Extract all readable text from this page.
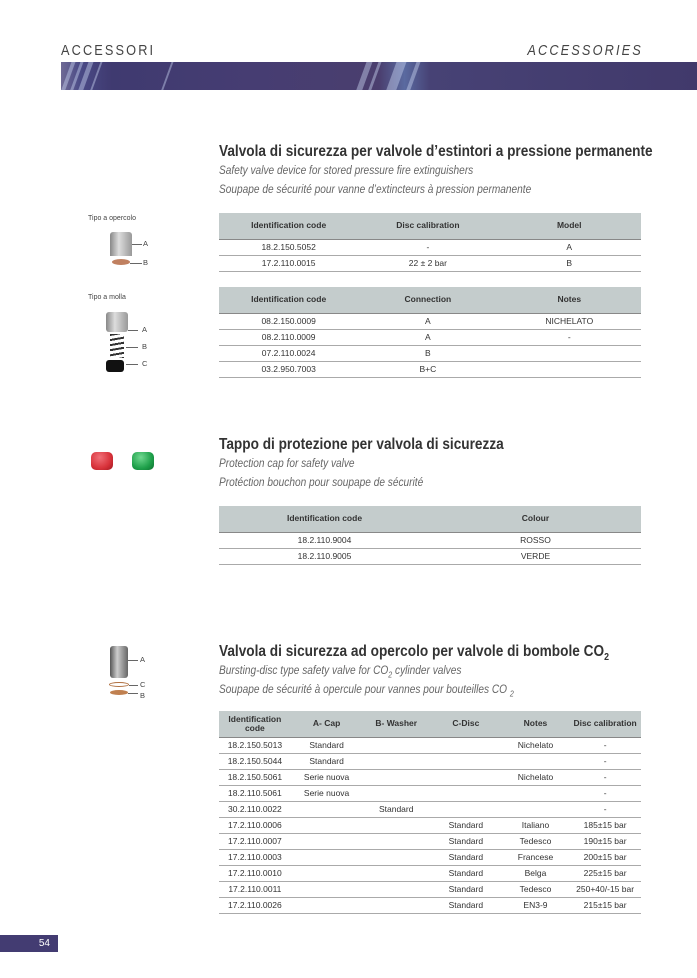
ACCESSORI	ACCESSORIES
Valvola di sicurezza per valvole d’estintori a pressione permanente
Safety valve device for stored pressure fire extinguishers
Soupape de sécurité pour vanne d’extincteurs à pression permanente
Tipo a opercolo
A
B
Tipo a molla
A
B
C
Identification code	Disc calibration	Model
18.2.150.5052	-	A
17.2.110.0015	22 ± 2 bar	B
Identification code	Connection	Notes
08.2.150.0009	A	NICHELATO
08.2.110.0009	A	-
07.2.110.0024	B	
03.2.950.7003	B+C	
Tappo di protezione per valvola di sicurezza
Protection cap for safety valve
Protéction bouchon pour soupape de sécurité
Identification code	Colour
18.2.110.9004	ROSSO
18.2.110.9005	VERDE
A
C
B
Valvola di sicurezza ad opercolo per valvole di bombole $CO_2$
Bursting-disc type safety valve for $CO_2$ cylinder valves
Soupape de sécurité à opercule pour vannes pour bouteilles CO $_2$
Identification code	A- Cap	B- Washer	C-Disc	Notes	Disc calibration
18.2.150.5013	Standard			Nichelato	-
18.2.150.5044	Standard				-
18.2.150.5061	Serie nuova			Nichelato	-
18.2.110.5061	Serie nuova				-
30.2.110.0022		Standard			-
17.2.110.0006			Standard	Italiano	185±15 bar
17.2.110.0007			Standard	Tedesco	190±15 bar
17.2.110.0003			Standard	Francese	200±15 bar
17.2.110.0010			Standard	Belga	225±15 bar
17.2.110.0011			Standard	Tedesco	250+40/-15 bar
17.2.110.0026			Standard	EN3-9	215±15 bar
54
